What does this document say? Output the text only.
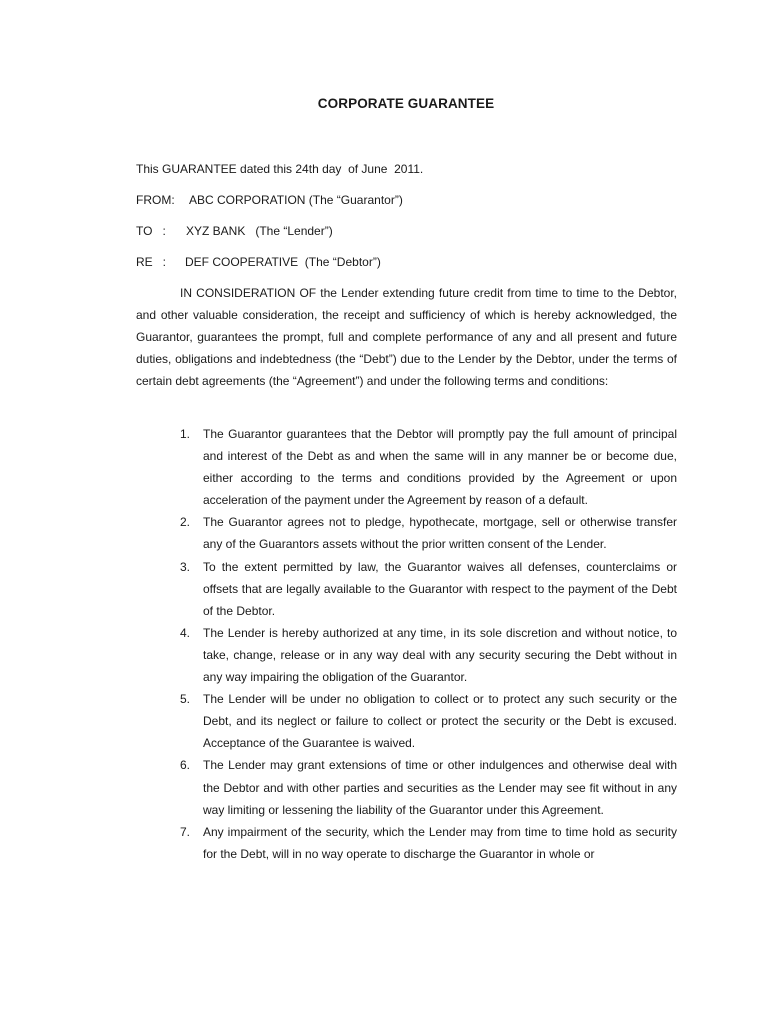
CORPORATE GUARANTEE
This GUARANTEE dated this 24th day  of June  2011.
FROM: ABC CORPORATION (The “Guarantor”)
TO   : XYZ BANK   (The “Lender”)
RE   : DEF COOPERATIVE  (The “Debtor”)

IN CONSIDERATION OF the Lender extending future credit from time to time to the Debtor, and other valuable consideration, the receipt and sufficiency of which is hereby acknowledged, the Guarantor, guarantees the prompt, full and complete performance of any and all present and future duties, obligations and indebtedness (the “Debt”) due to the Lender by the Debtor, under the terms of certain debt agreements (the “Agreement”) and under the following terms and conditions:

1. The Guarantor guarantees that the Debtor will promptly pay the full amount of principal and interest of the Debt as and when the same will in any manner be or become due, either according to the terms and conditions provided by the Agreement or upon acceleration of the payment under the Agreement by reason of a default.
2. The Guarantor agrees not to pledge, hypothecate, mortgage, sell or otherwise transfer any of the Guarantors assets without the prior written consent of the Lender.
3. To the extent permitted by law, the Guarantor waives all defenses, counterclaims or offsets that are legally available to the Guarantor with respect to the payment of the Debt of the Debtor.
4. The Lender is hereby authorized at any time, in its sole discretion and without notice, to take, change, release or in any way deal with any security securing the Debt without in any way impairing the obligation of the Guarantor.
5. The Lender will be under no obligation to collect or to protect any such security or the Debt, and its neglect or failure to collect or protect the security or the Debt is excused. Acceptance of the Guarantee is waived.
6. The Lender may grant extensions of time or other indulgences and otherwise deal with the Debtor and with other parties and securities as the Lender may see fit without in any way limiting or lessening the liability of the Guarantor under this Agreement.
7. Any impairment of the security, which the Lender may from time to time hold as security for the Debt, will in no way operate to discharge the Guarantor in whole or
